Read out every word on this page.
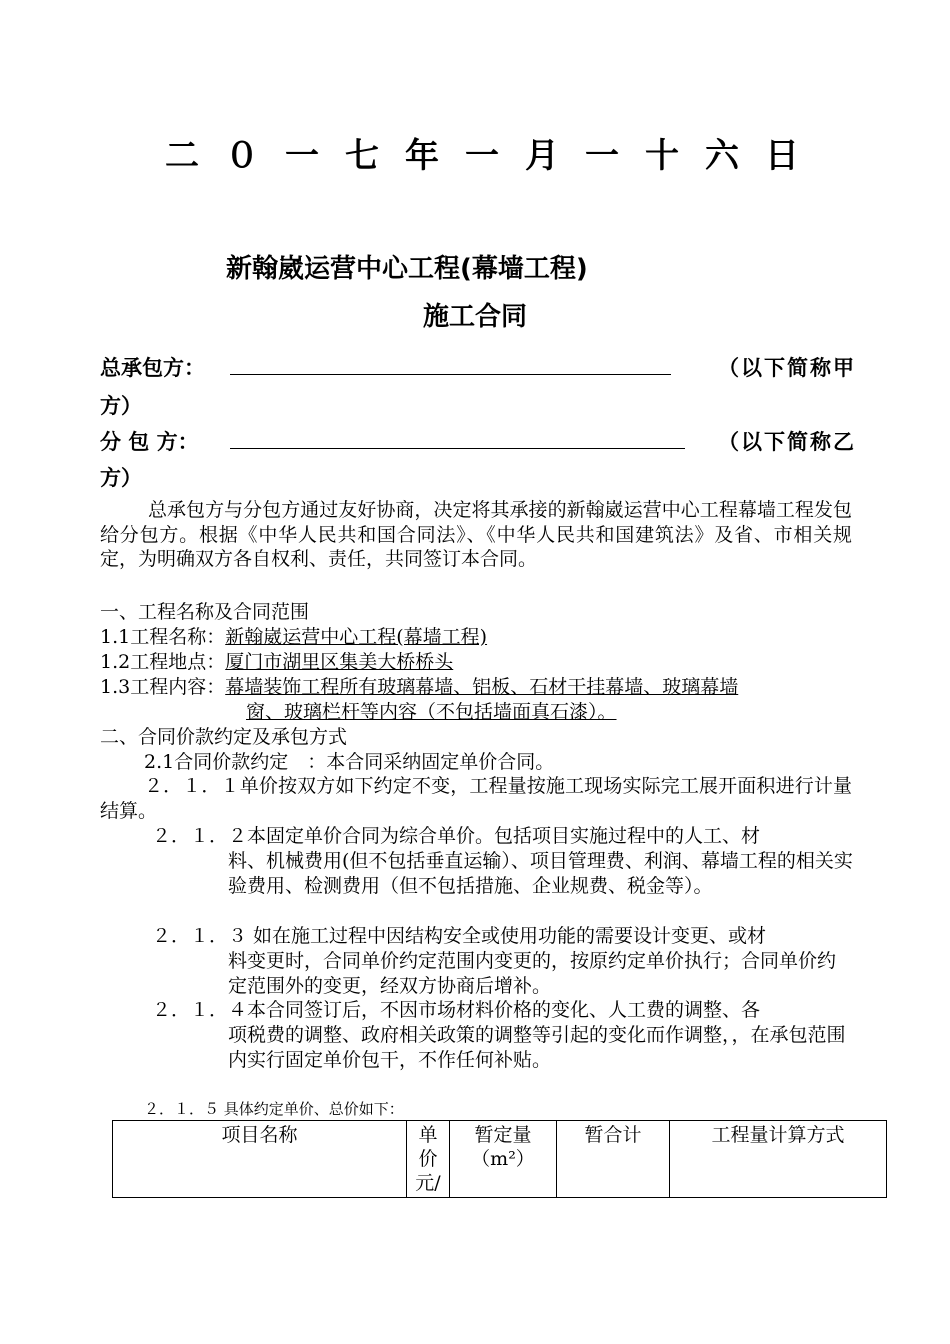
二０一七年一月一十六日
新翰崴运营中心工程(幕墙工程)
施工合同
总承包方：	（以下简称甲
方）
分 包 方：	（以下简称乙
方）
总承包方与分包方通过友好协商，决定将其承接的新翰崴运营中心工程幕墙工程发包给分包方。根据《中华人民共和国合同法》、《中华人民共和国建筑法》及省、市相关规定，为明确双方各自权利、责任，共同签订本合同。
一、工程名称及合同范围
1.1工程名称：新翰崴运营中心工程(幕墙工程)
1.2工程地点：厦门市湖里区集美大桥桥头
1.3工程内容：幕墙装饰工程所有玻璃幕墙、铝板、石材干挂幕墙、玻璃幕墙
窗、玻璃栏杆等内容（不包括墙面真石漆）。
二、合同价款约定及承包方式
2.1合同价款约定　：本合同采纳固定单价合同。
２．１．１单价按双方如下约定不变，工程量按施工现场实际完工展开面积进行计量结算。
２．１．２本固定单价合同为综合单价。包括项目实施过程中的人工、材
料、机械费用(但不包括垂直运输）、项目管理费、利润、幕墙工程的相关实验费用、检测费用（但不包括措施、企业规费、税金等）。
２．１．３ 如在施工过程中因结构安全或使用功能的需要设计变更、或材
料变更时，合同单价约定范围内变更的，按原约定单价执行；合同单价约定范围外的变更，经双方协商后增补。
２．１．４本合同签订后，不因市场材料价格的变化、人工费的调整、各
项税费的调整、政府相关政策的调整等引起的变化而作调整，，在承包范围内实行固定单价包干，不作任何补贴。
２．１．５ 具体约定单价、总价如下：
项目名称	单价元/	暂定量（m²）	暂合计	工程量计算方式
